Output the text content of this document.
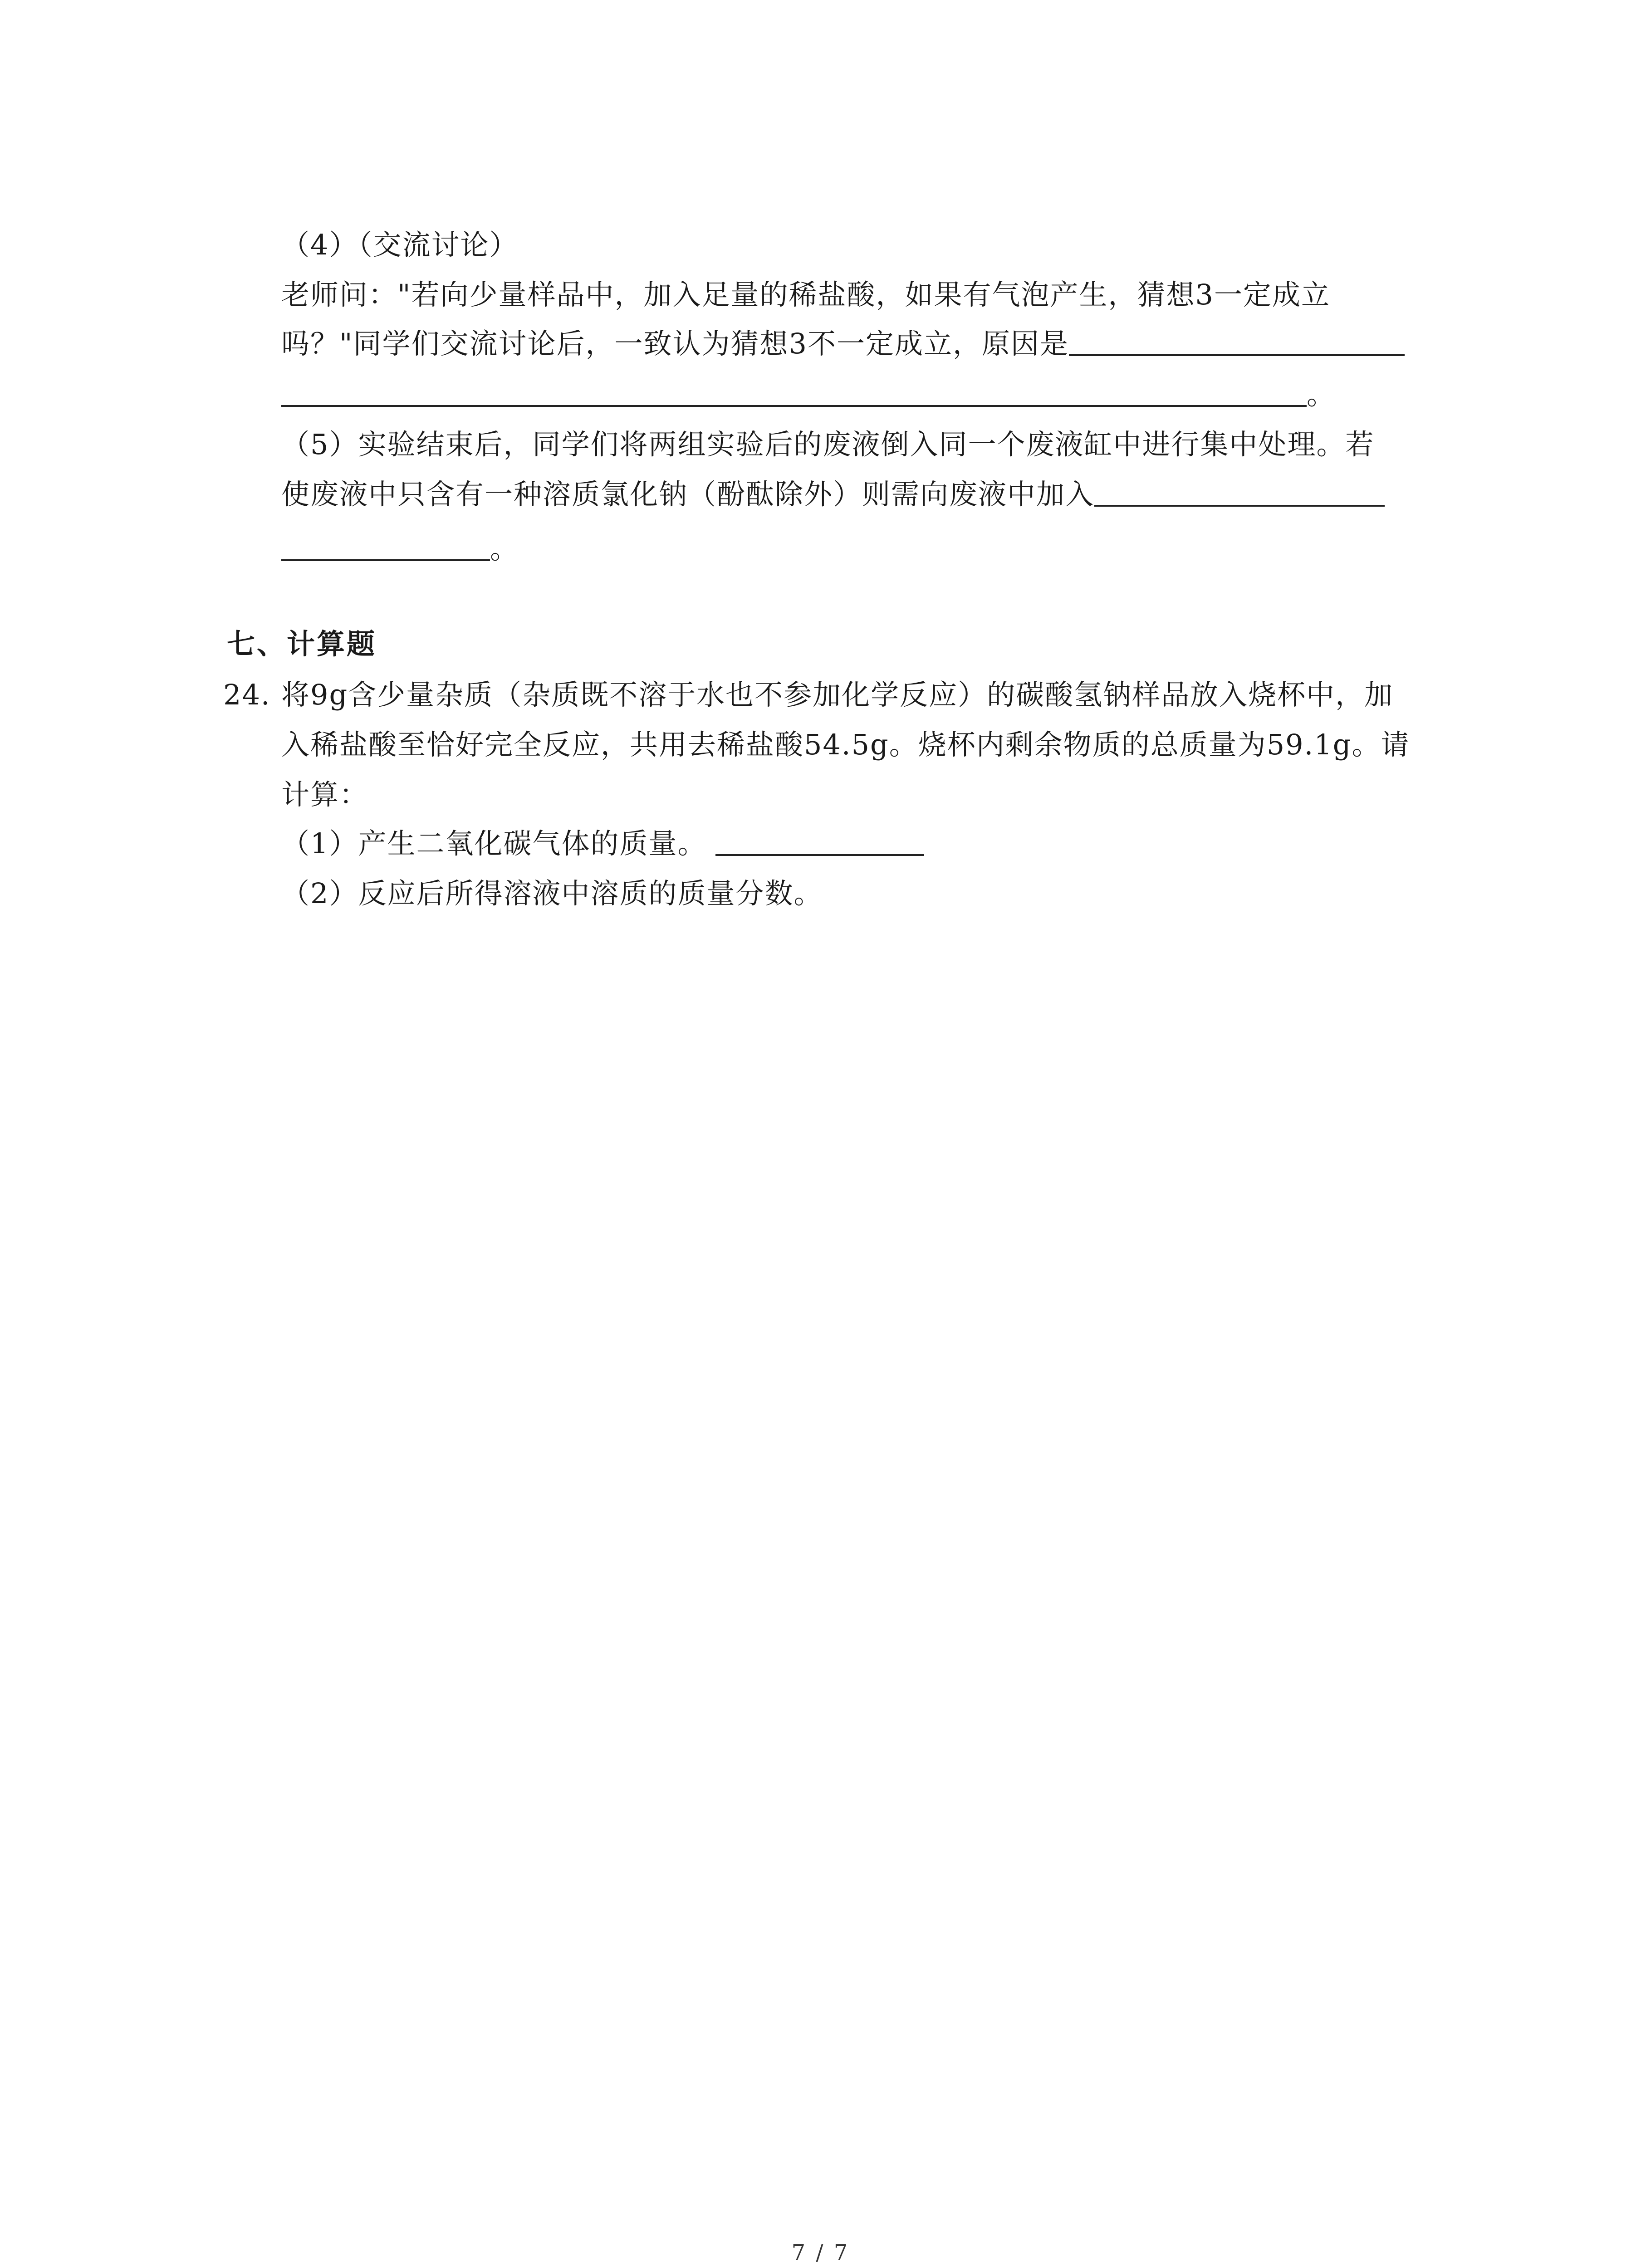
（4）（交流讨论）
老师问："若向少量样品中，加入足量的稀盐酸，如果有气泡产生，猜想3一定成立
吗？"同学们交流讨论后，一致认为猜想3不一定成立，原因是
。
（5）实验结束后，同学们将两组实验后的废液倒入同一个废液缸中进行集中处理。若
使废液中只含有一种溶质氯化钠（酚酞除外）则需向废液中加入
。
七、计算题
24. 将9g含少量杂质（杂质既不溶于水也不参加化学反应）的碳酸氢钠样品放入烧杯中，加
入稀盐酸至恰好完全反应，共用去稀盐酸54.5g。烧杯内剩余物质的总质量为59.1g。请
计算：
（1）产生二氧化碳气体的质量。
（2）反应后所得溶液中溶质的质量分数。
7 / 7
